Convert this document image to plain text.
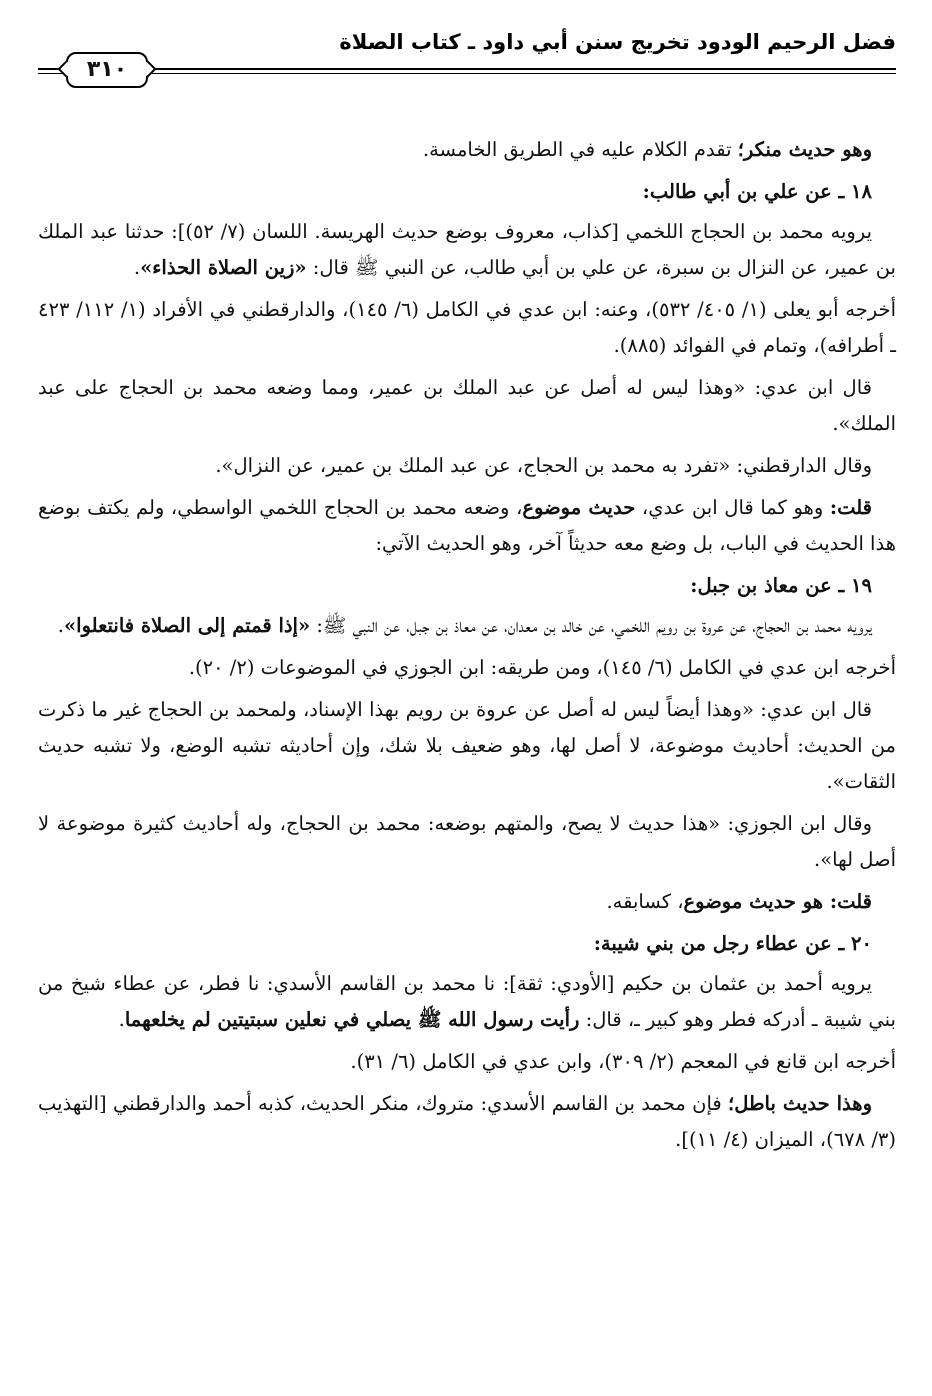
فضل الرحيم الودود تخريج سنن أبي داود ـ كتاب الصلاة
٣١٠

وهو حديث منكر؛ تقدم الكلام عليه في الطريق الخامسة.

١٨ ـ عن علي بن أبي طالب:

يرويه محمد بن الحجاج اللخمي [كذاب، معروف بوضع حديث الهريسة. اللسان (٧/ ٥٢)]: حدثنا عبد الملك بن عمير، عن النزال بن سبرة، عن علي بن أبي طالب، عن النبي ﷺ قال: «زين الصلاة الحذاء».

أخرجه أبو يعلى (١/ ٤٠٥/ ٥٣٢)، وعنه: ابن عدي في الكامل (٦/ ١٤٥)، والدارقطني في الأفراد (١/ ١١٢/ ٤٢٣ ـ أطرافه)، وتمام في الفوائد (٨٨٥).

قال ابن عدي: «وهذا ليس له أصل عن عبد الملك بن عمير، ومما وضعه محمد بن الحجاج على عبد الملك».

وقال الدارقطني: «تفرد به محمد بن الحجاج، عن عبد الملك بن عمير، عن النزال».

قلت: وهو كما قال ابن عدي، حديث موضوع، وضعه محمد بن الحجاج اللخمي الواسطي، ولم يكتف بوضع هذا الحديث في الباب، بل وضع معه حديثاً آخر، وهو الحديث الآتي:

١٩ ـ عن معاذ بن جبل:

يرويه محمد بن الحجاج، عن عروة بن رويم اللخمي، عن خالد بن معدان، عن معاذ بن جبل، عن النبي ﷺ: «إذا قمتم إلى الصلاة فانتعلوا».

أخرجه ابن عدي في الكامل (٦/ ١٤٥)، ومن طريقه: ابن الجوزي في الموضوعات (٢/ ٢٠).

قال ابن عدي: «وهذا أيضاً ليس له أصل عن عروة بن رويم بهذا الإسناد، ولمحمد بن الحجاج غير ما ذكرت من الحديث: أحاديث موضوعة، لا أصل لها، وهو ضعيف بلا شك، وإن أحاديثه تشبه الوضع، ولا تشبه حديث الثقات».

وقال ابن الجوزي: «هذا حديث لا يصح، والمتهم بوضعه: محمد بن الحجاج، وله أحاديث كثيرة موضوعة لا أصل لها».

قلت: هو حديث موضوع، كسابقه.

٢٠ ـ عن عطاء رجل من بني شيبة:

يرويه أحمد بن عثمان بن حكيم [الأودي: ثقة]: نا محمد بن القاسم الأسدي: نا فطر، عن عطاء شيخ من بني شيبة ـ أدركه فطر وهو كبير ـ، قال: رأيت رسول الله ﷺ يصلي في نعلين سبتيتين لم يخلعهما.

أخرجه ابن قانع في المعجم (٢/ ٣٠٩)، وابن عدي في الكامل (٦/ ٣١).

وهذا حديث باطل؛ فإن محمد بن القاسم الأسدي: متروك، منكر الحديث، كذبه أحمد والدارقطني [التهذيب (٣/ ٦٧٨)، الميزان (٤/ ١١)].
